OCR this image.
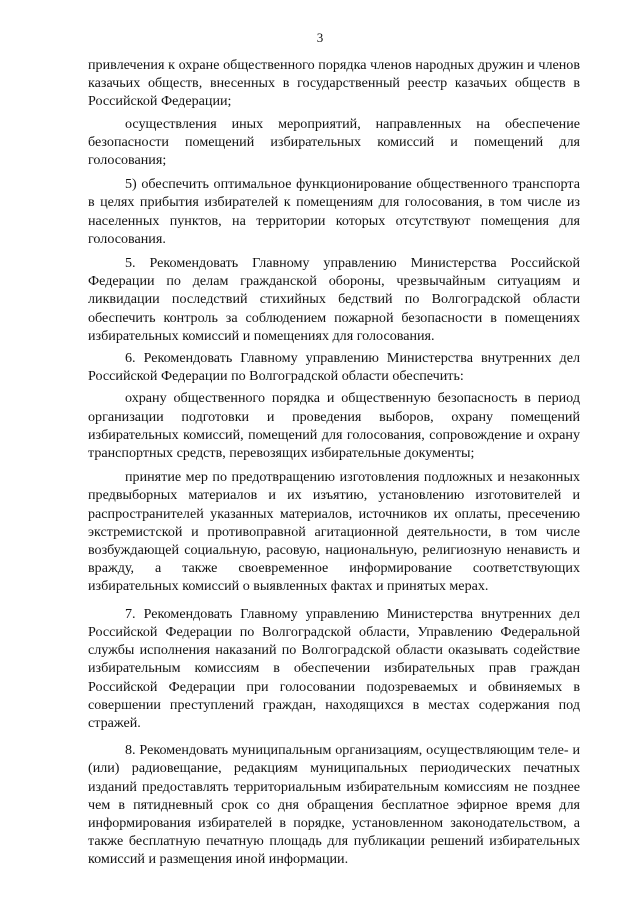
3

привлечения к охране общественного порядка членов народных дружин и членов казачьих обществ, внесенных в государственный реестр казачьих обществ в Российской Федерации;

осуществления иных мероприятий, направленных на обеспечение безопасности помещений избирательных комиссий и помещений для голосования;

5) обеспечить оптимальное функционирование общественного транспорта в целях прибытия избирателей к помещениям для голосования, в том числе из населенных пунктов, на территории которых отсутствуют помещения для голосования.

5. Рекомендовать Главному управлению Министерства Российской Федерации по делам гражданской обороны, чрезвычайным ситуациям и ликвидации последствий стихийных бедствий по Волгоградской области обеспечить контроль за соблюдением пожарной безопасности в помещениях избирательных комиссий и помещениях для голосования.

6. Рекомендовать Главному управлению Министерства внутренних дел Российской Федерации по Волгоградской области обеспечить:

охрану общественного порядка и общественную безопасность в период организации подготовки и проведения выборов, охрану помещений избирательных комиссий, помещений для голосования, сопровождение и охрану транспортных средств, перевозящих избирательные документы;

принятие мер по предотвращению изготовления подложных и незаконных предвыборных материалов и их изъятию, установлению изготовителей и распространителей указанных материалов, источников их оплаты, пресечению экстремистской и противоправной агитационной деятельности, в том числе возбуждающей социальную, расовую, национальную, религиозную ненависть и вражду, а также своевременное информирование соответствующих избирательных комиссий о выявленных фактах и принятых мерах.

7. Рекомендовать Главному управлению Министерства внутренних дел Российской Федерации по Волгоградской области, Управлению Федеральной службы исполнения наказаний по Волгоградской области оказывать содействие избирательным комиссиям в обеспечении избирательных прав граждан Российской Федерации при голосовании подозреваемых и обвиняемых в совершении преступлений граждан, находящихся в местах содержания под стражей.

8. Рекомендовать муниципальным организациям, осуществляющим теле- и (или) радиовещание, редакциям муниципальных периодических печатных изданий предоставлять территориальным избирательным комиссиям не позднее чем в пятидневный срок со дня обращения бесплатное эфирное время для информирования избирателей в порядке, установленном законодательством, а также бесплатную печатную площадь для публикации решений избирательных комиссий и размещения иной информации.
